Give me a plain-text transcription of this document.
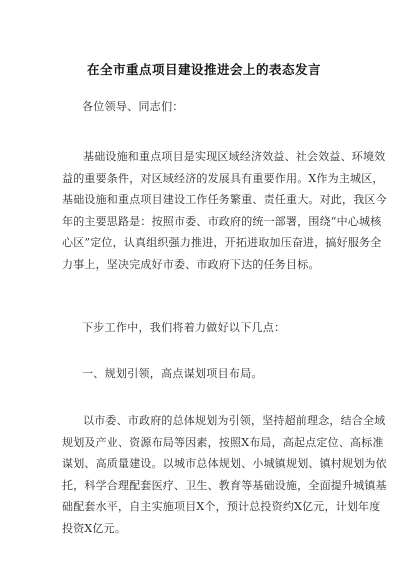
在全市重点项目建设推进会上的表态发言
各位领导、同志们：
基础设施和重点项目是实现区域经济效益、社会效益、环境效
益的重要条件，对区域经济的发展具有重要作用。X作为主城区，
基础设施和重点项目建设工作任务繁重、责任重大。对此，我区今
年的主要思路是：按照市委、市政府的统一部署，围绕“中心城核
心区”定位，认真组织强力推进，开拓进取加压奋进，搞好服务全
力事上，坚决完成好市委、市政府下达的任务目标。
下步工作中，我们将着力做好以下几点：
一、规划引领，高点谋划项目布局。
以市委、市政府的总体规划为引领，坚持超前理念，结合全域
规划及产业、资源布局等因素，按照X布局，高起点定位、高标准
谋划、高质量建设。以城市总体规划、小城镇规划、镇村规划为依
托，科学合理配套医疗、卫生、教育等基础设施，全面提升城镇基
础配套水平，自主实施项目X个，预计总投资约X亿元，计划年度
投资X亿元。
